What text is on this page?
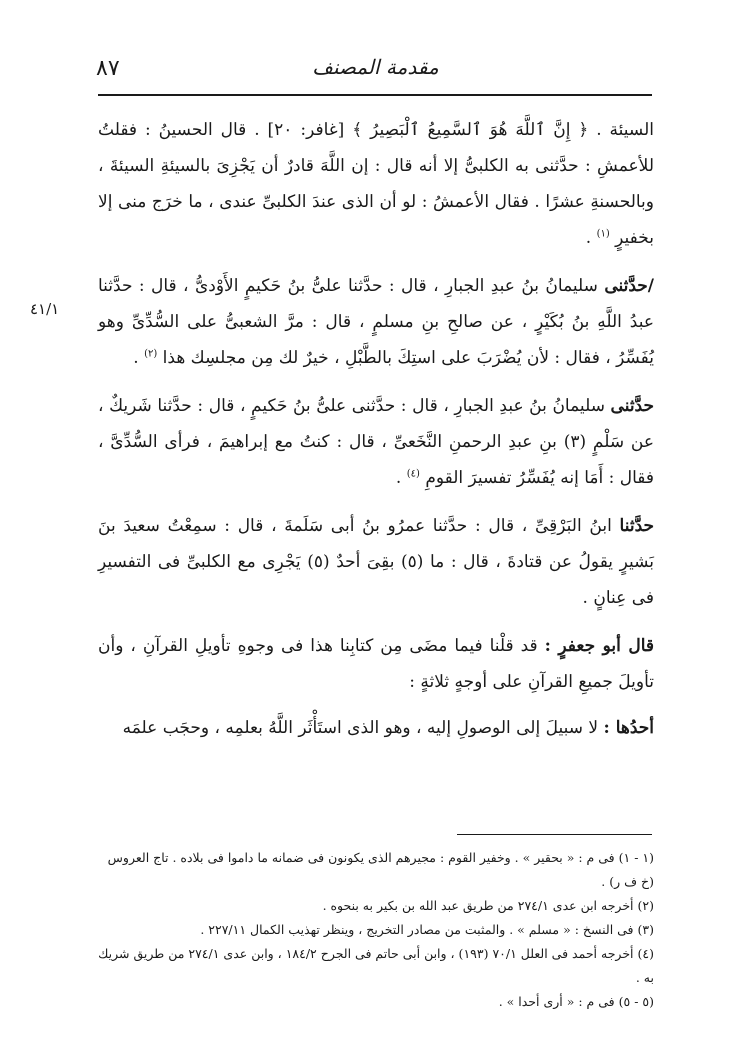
٨٧	مقدمة المصنف
٤١/١

السيئة . ﴿ إِنَّ ٱللَّهَ هُوَ ٱلسَّمِيعُ ٱلْبَصِيرُ ﴾ [غافر: ٢٠] . قال الحسينُ : فقلتُ للأعمشِ : حدَّثنى به الكلبىُّ إلا أنه قال : إن اللَّهَ قادرٌ أن يَجْزِىَ بالسيئةِ السيئةَ ، وبالحسنةِ عشرًا . فقال الأعمشُ : لو أن الذى عندَ الكلبىِّ عندى ، ما خرَج منى إلا بخفيرٍ $^{(١)}$ .

/حدَّثنى سليمانُ بنُ عبدِ الجبارِ ، قال : حدَّثنا علىُّ بنُ حَكيمٍ الأَوْدىُّ ، قال : حدَّثنا عبدُ اللَّهِ بنُ بُكَيْرٍ ، عن صالحِ بنِ مسلمٍ ، قال : مرَّ الشعبىُّ على السُّدِّىِّ وهو يُفَسِّرُ ، فقال : لأن يُضْرَبَ على استِكَ بالطَّبْلِ ، خيرٌ لك مِن مجلسِك هذا $^{(٢)}$ .

حدَّثنى سليمانُ بنُ عبدِ الجبارِ ، قال : حدَّثنى علىُّ بنُ حَكيمٍ ، قال : حدَّثنا شَريكٌ ، عن سَلْمٍ (٣) بنِ عبدِ الرحمنِ النَّخَعىِّ ، قال : كنتُ مع إبراهيمَ ، فرأى السُّدِّىَّ ، فقال : أَمَا إنه يُفَسِّرُ تفسيرَ القومِ $^{(٤)}$ .

حدَّثنا ابنُ البَرْقِىِّ ، قال : حدَّثنا عمرُو بنُ أبى سَلَمةَ ، قال : سمِعْتُ سعيدَ بنَ بَشيرٍ يقولُ عن قتادةَ ، قال : ما (٥) بقِىَ أحدٌ (٥) يَجْرِى مع الكلبىِّ فى التفسيرِ فى عِنانٍ .

قال أبو جعفرٍ : قد قلْنا فيما مضَى مِن كتابِنا هذا فى وجوهِ تأويلِ القرآنِ ، وأن تأويلَ جميعِ القرآنِ على أوجهٍ ثلاثةٍ :

أحدُها : لا سبيلَ إلى الوصولِ إليه ، وهو الذى استَأْثَر اللَّهُ بعلمِه ، وحجَب علمَه

(١ - ١) فى م : « بحقير » . وخفير القوم : مجيرهم الذى يكونون فى ضمانه ما داموا فى بلاده . تاج العروس (خ ف ر) .
(٢) أخرجه ابن عدى ٢٧٤/١ من طريق عبد الله بن بكير به بنحوه .
(٣) فى النسخ : « مسلم » . والمثبت من مصادر التخريج ، وينظر تهذيب الكمال ٢٢٧/١١ .
(٤) أخرجه أحمد فى العلل ٧٠/١ (١٩٣) ، وابن أبى حاتم فى الجرح ١٨٤/٢ ، وابن عدى ٢٧٤/١ من طريق شريك به .
(٥ - ٥) فى م : « أرى أحدا » .
